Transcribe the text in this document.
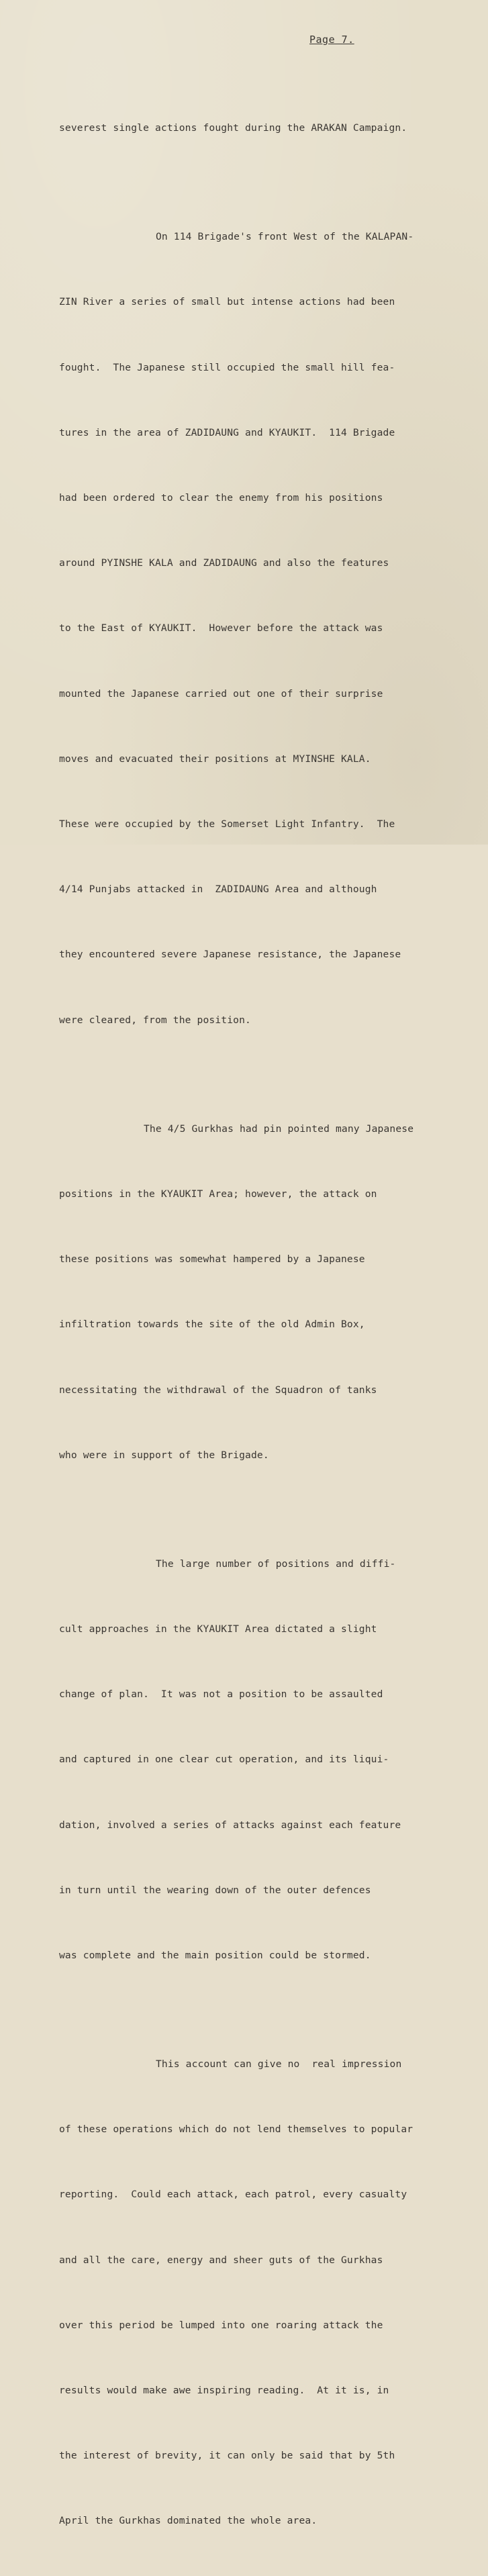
Page 7.

severest single actions fought during the ARAKAN Campaign.

On 114 Brigade's front West of the KALAPAN-

ZIN River a series of small but intense actions had been

fought.  The Japanese still occupied the small hill fea-

tures in the area of ZADIDAUNG and KYAUKIT.  114 Brigade

had been ordered to clear the enemy from his positions

around PYINSHE KALA and ZADIDAUNG and also the features

to the East of KYAUKIT.  However before the attack was

mounted the Japanese carried out one of their surprise

moves and evacuated their positions at MYINSHE KALA.

These were occupied by the Somerset Light Infantry.  The

4/14 Punjabs attacked in  ZADIDAUNG Area and although

they encountered severe Japanese resistance, the Japanese

were cleared, from the position.

The 4/5 Gurkhas had pin pointed many Japanese

positions in the KYAUKIT Area; however, the attack on

these positions was somewhat hampered by a Japanese

infiltration towards the site of the old Admin Box,

necessitating the withdrawal of the Squadron of tanks

who were in support of the Brigade.

The large number of positions and diffi-

cult approaches in the KYAUKIT Area dictated a slight

change of plan.  It was not a position to be assaulted

and captured in one clear cut operation, and its liqui-

dation, involved a series of attacks against each feature

in turn until the wearing down of the outer defences

was complete and the main position could be stormed.

This account can give no  real impression

of these operations which do not lend themselves to popular

reporting.  Could each attack, each patrol, every casualty

and all the care, energy and sheer guts of the Gurkhas

over this period be lumped into one roaring attack the

results would make awe inspiring reading.  At it is, in

the interest of brevity, it can only be said that by 5th

April the Gurkhas dominated the whole area.
